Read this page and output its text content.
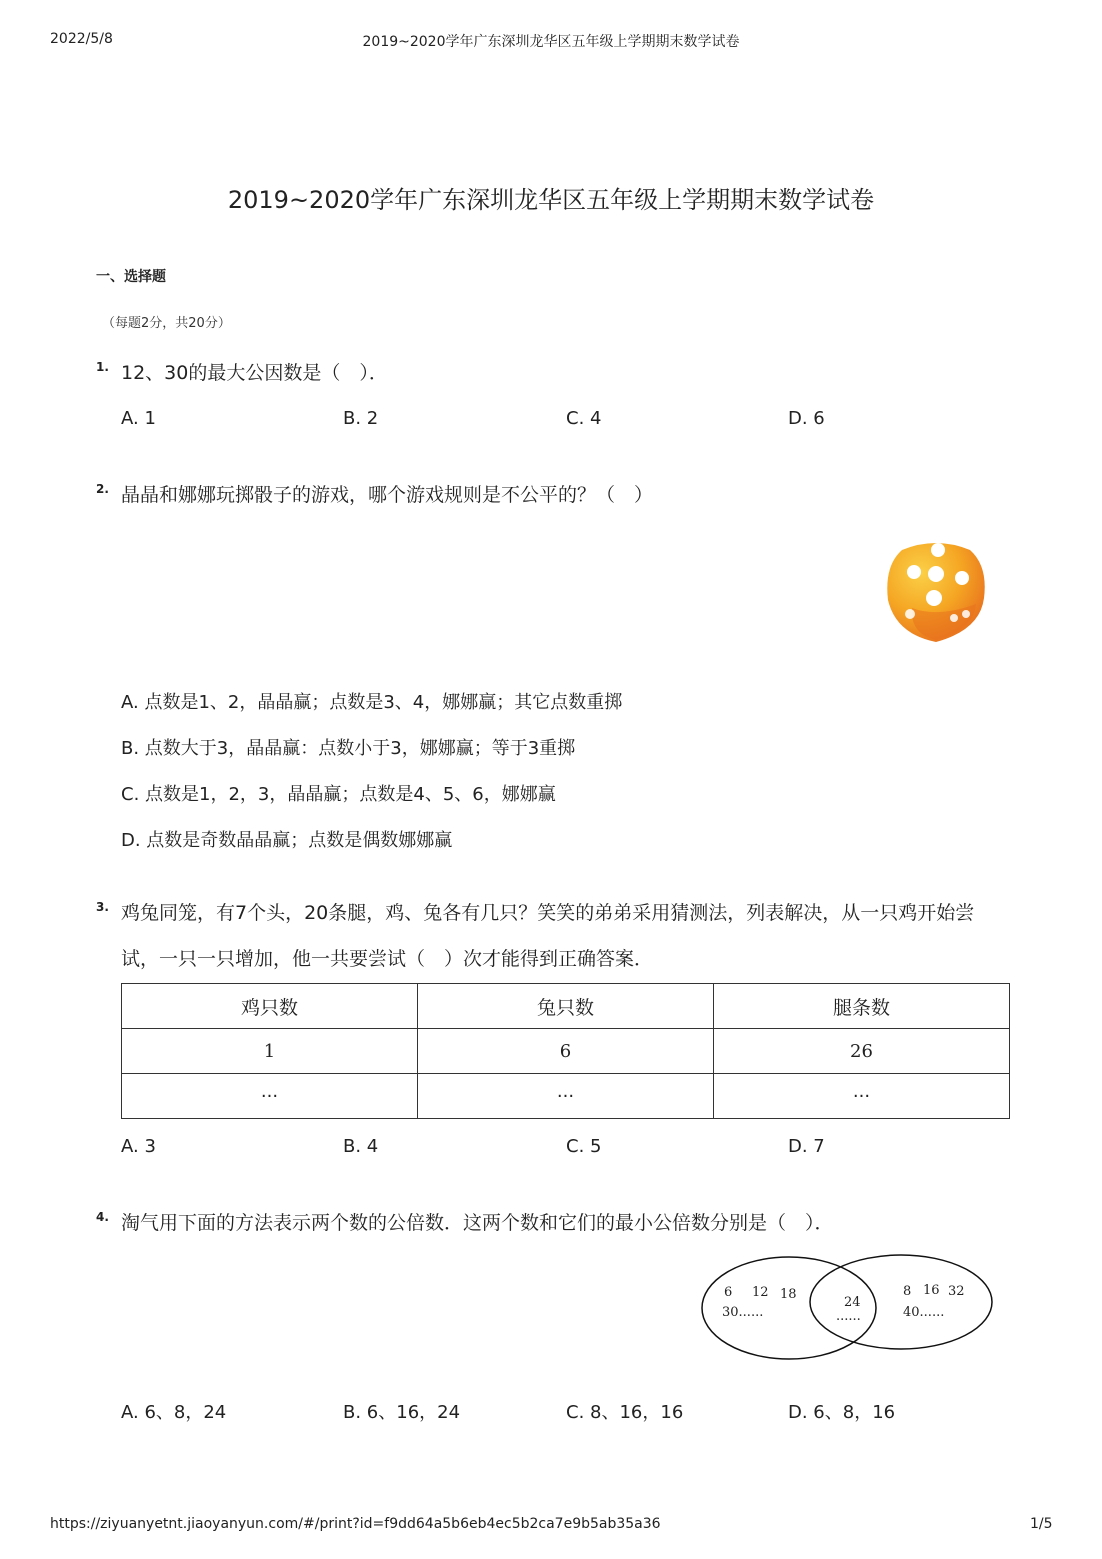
2022/5/8	2019~2020学年广东深圳龙华区五年级上学期期末数学试卷
2019~2020学年广东深圳龙华区五年级上学期期末数学试卷
一、选择题
（每题2分，共20分）
1. 12、30的最大公因数是（　）．
A. 1	B. 2	C. 4	D. 6
2. 晶晶和娜娜玩掷骰子的游戏，哪个游戏规则是不公平的？（　）
A. 点数是1、2，晶晶赢；点数是3、4，娜娜赢；其它点数重掷
B. 点数大于3，晶晶赢：点数小于3，娜娜赢；等于3重掷
C. 点数是1，2，3，晶晶赢；点数是4、5、6，娜娜赢
D. 点数是奇数晶晶赢；点数是偶数娜娜赢
3. 鸡兔同笼，有7个头，20条腿，鸡、兔各有几只？笑笑的弟弟采用猜测法，列表解决，从一只鸡开始尝
试，一只一只增加，他一共要尝试（　）次才能得到正确答案．
鸡只数	兔只数	腿条数
1	6	26
···	···	···
A. 3	B. 4	C. 5	D. 7
4. 淘气用下面的方法表示两个数的公倍数．这两个数和它们的最小公倍数分别是（　）．
6 12 18
30......
24
......
8 16 32
40......
A. 6、8，24	B. 6、16，24	C. 8、16，16	D. 6、8，16
https://ziyuanyetnt.jiaoyanyun.com/#/print?id=f9dd64a5b6eb4ec5b2ca7e9b5ab35a36	1/5
